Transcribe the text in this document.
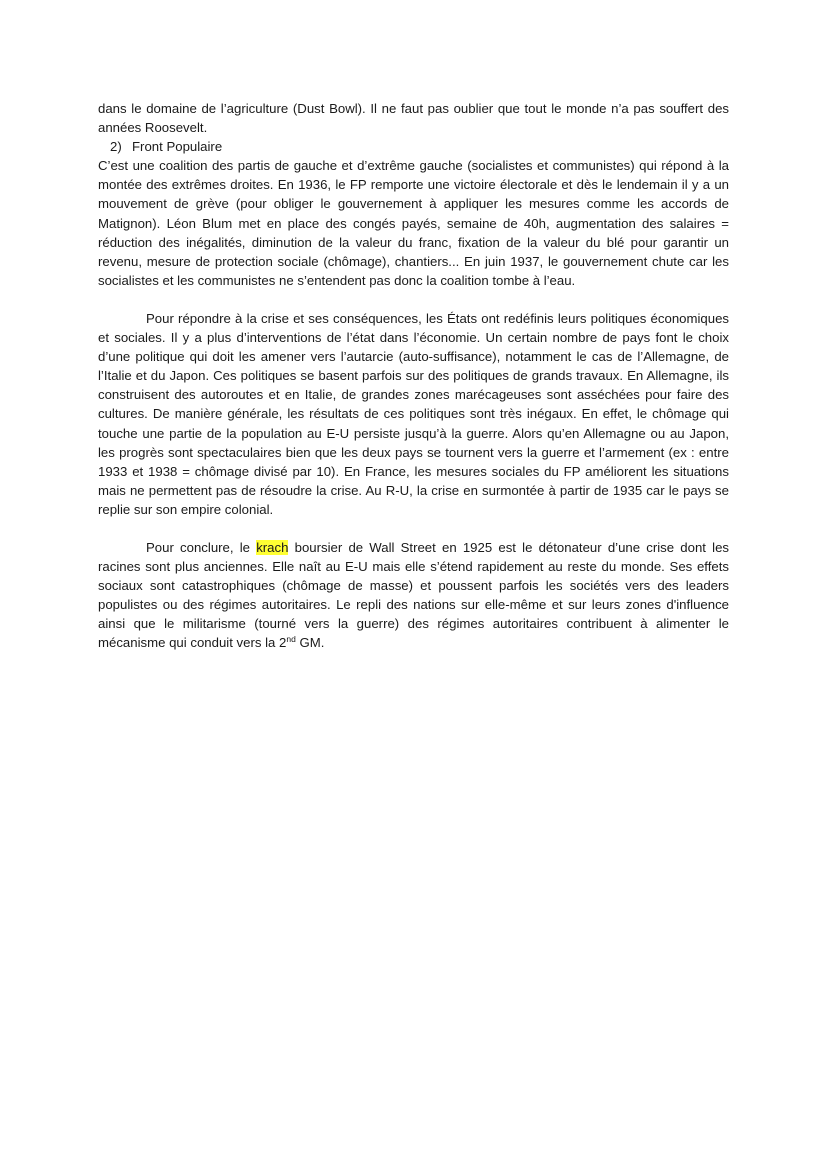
dans le domaine de l’agriculture (Dust Bowl). Il ne faut pas oublier que tout le monde n’a pas souffert des années Roosevelt.

2) Front Populaire

C’est une coalition des partis de gauche et d’extrême gauche (socialistes et communistes) qui répond à la montée des extrêmes droites. En 1936, le FP remporte une victoire électorale et dès le lendemain il y a un mouvement de grève (pour obliger le gouvernement à appliquer les mesures comme les accords de Matignon). Léon Blum met en place des congés payés, semaine de 40h, augmentation des salaires = réduction des inégalités, diminution de la valeur du franc, fixation de la valeur du blé pour garantir un revenu, mesure de protection sociale (chômage), chantiers... En juin 1937, le gouvernement chute car les socialistes et les communistes ne s’entendent pas donc la coalition tombe à l’eau.

Pour répondre à la crise et ses conséquences, les États ont redéfinis leurs politiques économiques et sociales. Il y a plus d’interventions de l’état dans l’économie. Un certain nombre de pays font le choix d’une politique qui doit les amener vers l’autarcie (auto-suffisance), notamment le cas de l’Allemagne, de l’Italie et du Japon. Ces politiques se basent parfois sur des politiques de grands travaux. En Allemagne, ils construisent des autoroutes et en Italie, de grandes zones marécageuses sont asséchées pour faire des cultures. De manière générale, les résultats de ces politiques sont très inégaux. En effet, le chômage qui touche une partie de la population au E-U persiste jusqu’à la guerre. Alors qu’en Allemagne ou au Japon, les progrès sont spectaculaires bien que les deux pays se tournent vers la guerre et l’armement (ex : entre 1933 et 1938 = chômage divisé par 10). En France, les mesures sociales du FP améliorent les situations mais ne permettent pas de résoudre la crise. Au R-U, la crise en surmontée à partir de 1935 car le pays se replie sur son empire colonial.

Pour conclure, le krach boursier de Wall Street en 1925 est le détonateur d’une crise dont les racines sont plus anciennes. Elle naît au E-U mais elle s’étend rapidement au reste du monde. Ses effets sociaux sont catastrophiques (chômage de masse) et poussent parfois les sociétés vers des leaders populistes ou des régimes autoritaires. Le repli des nations sur elle-même et sur leurs zones d'influence ainsi que le militarisme (tourné vers la guerre) des régimes autoritaires contribuent à alimenter le mécanisme qui conduit vers la 2nd GM.
